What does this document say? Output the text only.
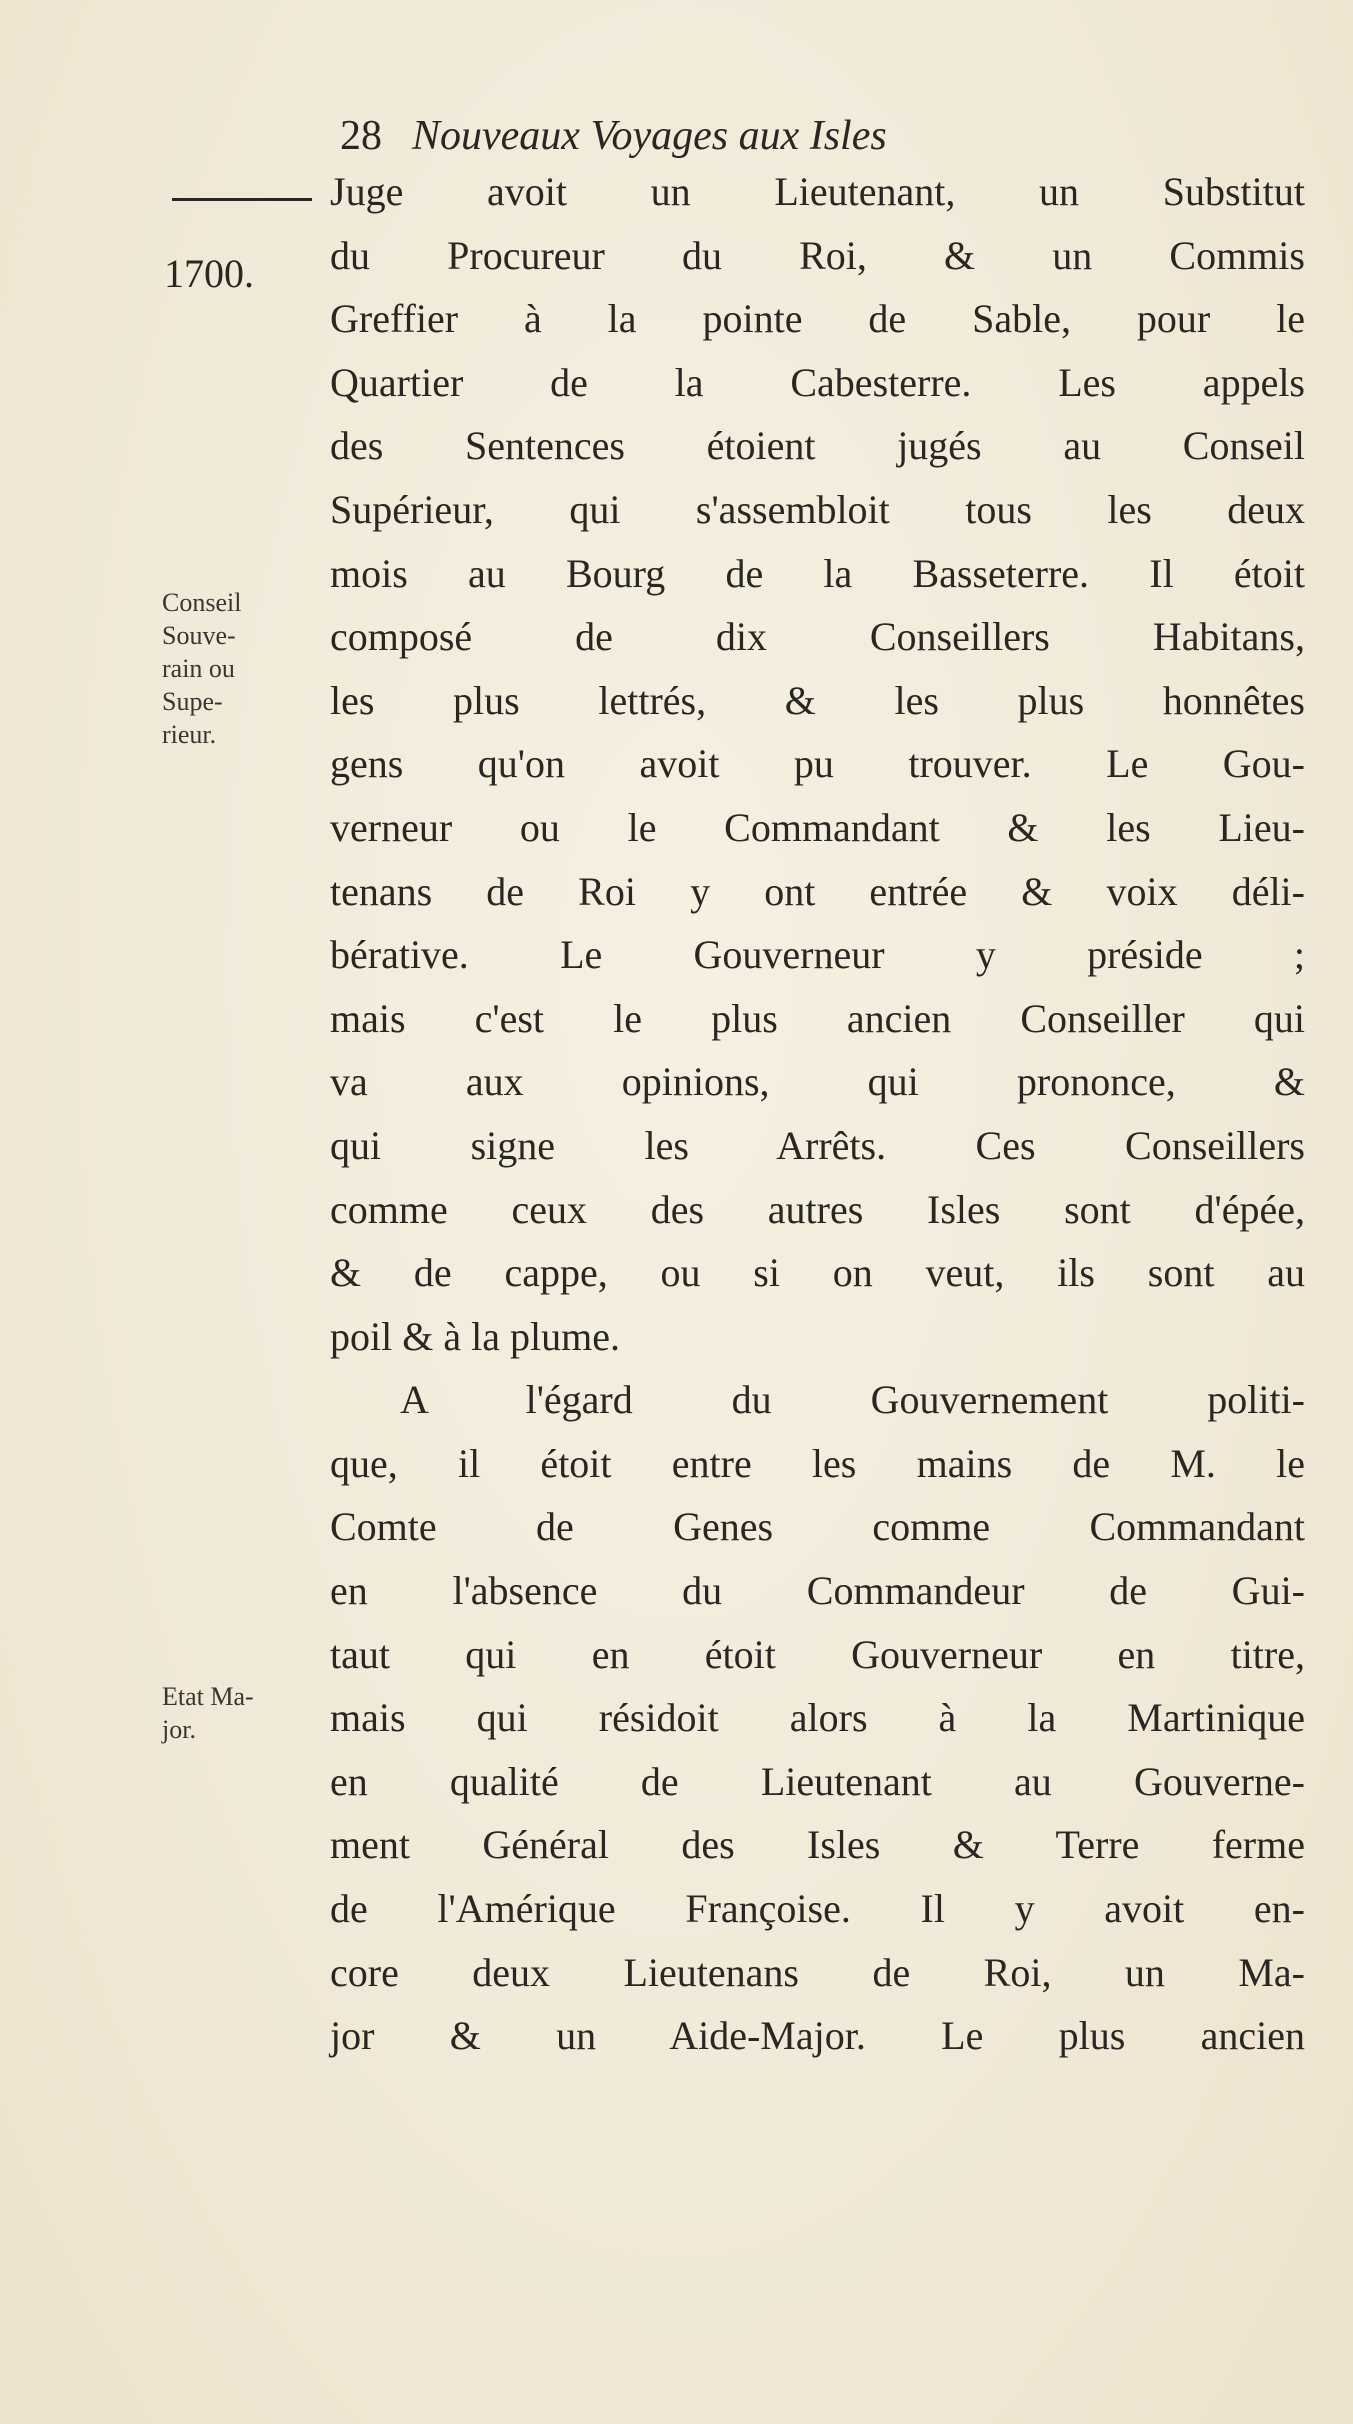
28 Nouveaux Voyages aux Isles
1700.
Conseil
Souve-
rain ou
Supe-
rieur.
Etat Ma-
jor.
Juge avoit un Lieutenant, un Substitut
du Procureur du Roi, & un Commis
Greffier à la pointe de Sable, pour le
Quartier de la Cabesterre. Les appels
des Sentences étoient jugés au Conseil
Supérieur, qui s'assembloit tous les deux
mois au Bourg de la Basseterre. Il étoit
composé de dix Conseillers Habitans,
les plus lettrés, & les plus honnêtes
gens qu'on avoit pu trouver. Le Gou-
verneur ou le Commandant & les Lieu-
tenans de Roi y ont entrée & voix déli-
bérative. Le Gouverneur y préside ;
mais c'est le plus ancien Conseiller qui
va aux opinions, qui prononce, &
qui signe les Arrêts. Ces Conseillers
comme ceux des autres Isles sont d'épée,
& de cappe, ou si on veut, ils sont au
poil & à la plume.
A l'égard du Gouvernement politi-
que, il étoit entre les mains de M. le
Comte de Genes comme Commandant
en l'absence du Commandeur de Gui-
taut qui en étoit Gouverneur en titre,
mais qui résidoit alors à la Martinique
en qualité de Lieutenant au Gouverne-
ment Général des Isles & Terre ferme
de l'Amérique Françoise. Il y avoit en-
core deux Lieutenans de Roi, un Ma-
jor & un Aide-Major. Le plus ancien
